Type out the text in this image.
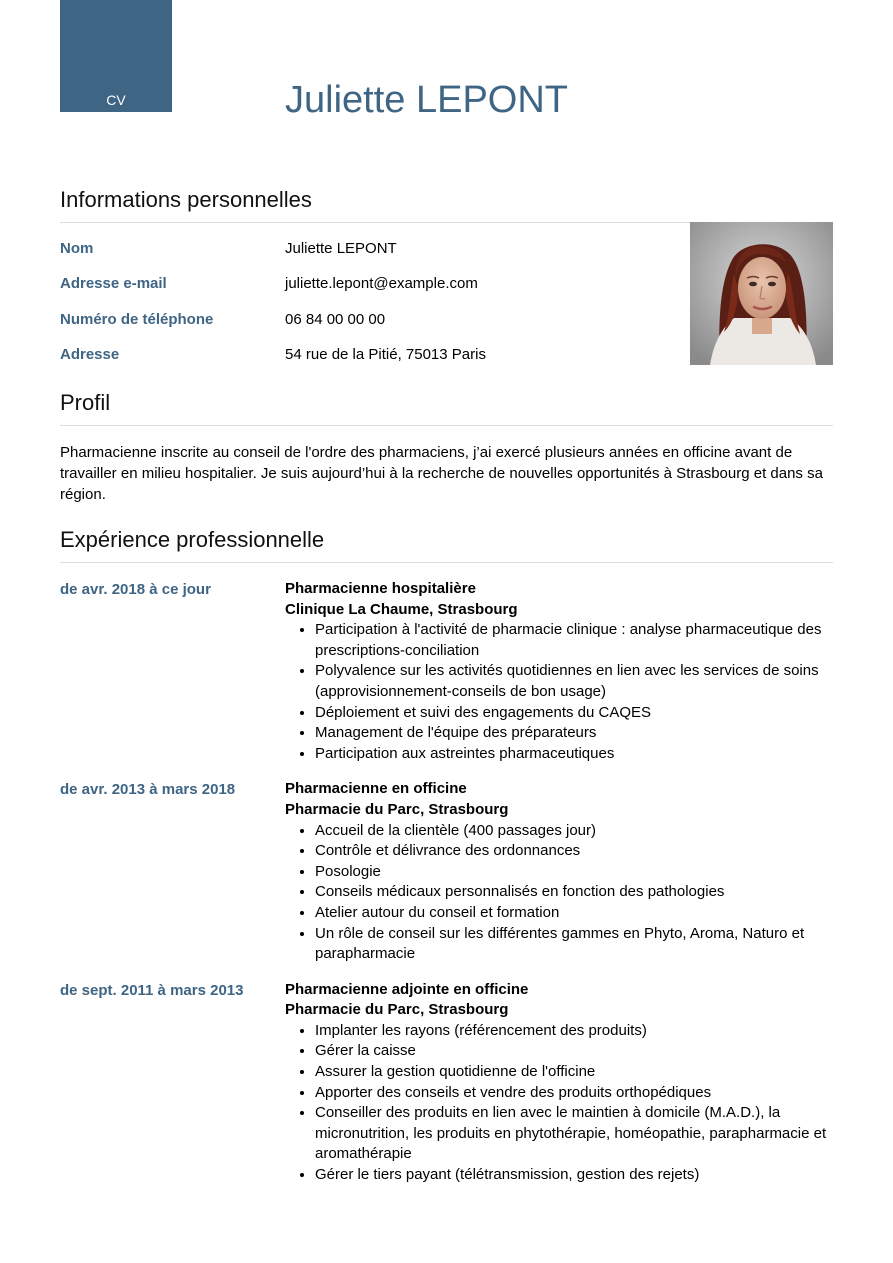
CV	Juliette LEPONT
Informations personnelles
Nom	Juliette LEPONT
Adresse e-mail	juliette.lepont@example.com
Numéro de téléphone	06 84 00 00 00
Adresse	54 rue de la Pitié, 75013 Paris
Profil

Pharmacienne inscrite au conseil de l'ordre des pharmaciens, j’ai exercé plusieurs années en officine avant de travailler en milieu hospitalier. Je suis aujourd’hui à la recherche de nouvelles opportunités à Strasbourg et dans sa région.

Expérience professionnelle
de avr. 2018 à ce jour	Pharmacienne hospitalière
Clinique La Chaume, Strasbourg
• Participation à l'activité de pharmacie clinique : analyse pharmaceutique des prescriptions-conciliation
• Polyvalence sur les activités quotidiennes en lien avec les services de soins (approvisionnement-conseils de bon usage)
• Déploiement et suivi des engagements du CAQES
• Management de l'équipe des préparateurs
• Participation aux astreintes pharmaceutiques
de avr. 2013 à mars 2018	Pharmacienne en officine
Pharmacie du Parc, Strasbourg
• Accueil de la clientèle (400 passages jour)
• Contrôle et délivrance des ordonnances
• Posologie
• Conseils médicaux personnalisés en fonction des pathologies
• Atelier autour du conseil et formation
• Un rôle de conseil sur les différentes gammes en Phyto, Aroma, Naturo et parapharmacie
de sept. 2011 à mars 2013	Pharmacienne adjointe en officine
Pharmacie du Parc, Strasbourg
• Implanter les rayons (référencement des produits)
• Gérer la caisse
• Assurer la gestion quotidienne de l'officine
• Apporter des conseils et vendre des produits orthopédiques
• Conseiller des produits en lien avec le maintien à domicile (M.A.D.), la micronutrition, les produits en phytothérapie, homéopathie, parapharmacie et aromathérapie
• Gérer le tiers payant (télétransmission, gestion des rejets)
